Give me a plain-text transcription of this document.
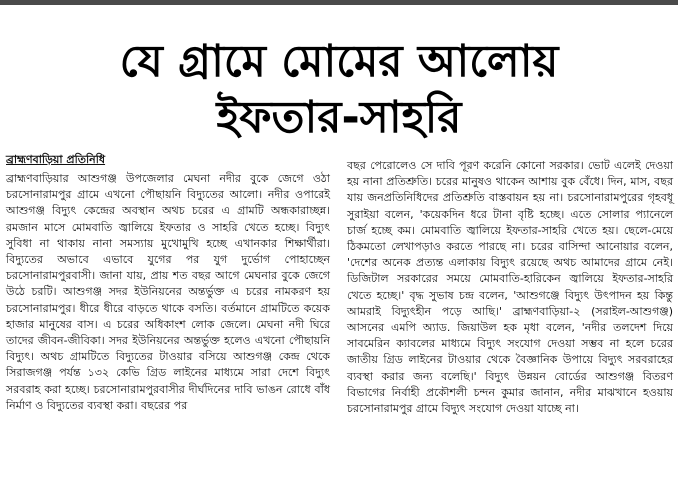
যে গ্রামে মোমের আলোয়
ইফতার-সাহরি
ব্রাহ্মণবাড়িয়া প্রতিনিধি

ব্রাহ্মণবাড়িয়ার আশুগঞ্জ উপজেলার মেঘনা নদীর বুকে জেগে ওঠা চরসোনারামপুর গ্রামে এখনো পৌছায়নি বিদ্যুতের আলো। নদীর ওপারেই আশুগঞ্জ বিদ্যুৎ কেন্দ্রের অবস্থান অথচ চরের এ গ্রামটি অন্ধকারাচ্ছন্ন। রমজান মাসে মোমবাতি জ্বালিয়ে ইফতার ও সাহরি খেতে হচ্ছে। বিদ্যুৎ সুবিধা না থাকায় নানা সমস্যায় মুখোমুখি হচ্ছে এখানকার শিক্ষার্থীরা। বিদ্যুতের অভাবে এভাবে যুগের পর যুগ দুর্ভোগ পোহাচ্ছেন চরসোনারামপুরবাসী। জানা যায়, প্রায় শত বছর আগে মেঘনার বুকে জেগে উঠে চরটি। আশুগঞ্জ সদর ইউনিয়নের অন্তর্ভুক্ত এ চরের নামকরণ হয় চরসোনারামপুর। ধীরে ধীরে বাড়তে থাকে বসতি। বর্তমানে গ্রামটিতে কয়েক হাজার মানুষের বাস। এ চরের অধিকাংশ লোক জেলে। মেঘনা নদী ঘিরে তাদের জীবন-জীবিকা। সদর ইউনিয়নের অন্তর্ভুক্ত হলেও এখনো পৌছায়নি বিদ্যুৎ। অথচ গ্রামটিতে বিদ্যুতের টাওয়ার বসিয়ে আশুগঞ্জ কেন্দ্র থেকে সিরাজগঞ্জ পর্যন্ত ১৩২ কেভি গ্রিড লাইনের মাধ্যমে সারা দেশে বিদ্যুৎ সরবরাহ করা হচ্ছে। চরসোনারামপুরবাসীর দীর্ঘদিনের দাবি ভাঙন রোধে বাঁধ নির্মাণ ও বিদ্যুতের ব্যবস্থা করা। বছরের পর

বছর পেরোলেও সে দাবি পূরণ করেনি কোনো সরকার। ভোট এলেই দেওয়া হয় নানা প্রতিশ্রুতি। চরের মানুষও থাকেন আশায় বুক বেঁধে। দিন, মাস, বছর যায় জনপ্রতিনিধিদের প্রতিশ্রুতি বাস্তবায়ন হয় না। চরসোনারামপুরের গৃহবধূ সুরাইয়া বলেন, 'কয়েকদিন ধরে টানা বৃষ্টি হচ্ছে। এতে সোলার প্যানেলে চার্জ হচ্ছে কম। মোমবাতি জ্বালিয়ে ইফতার-সাহরি খেতে হয়। ছেলে-মেয়ে ঠিকমতো লেখাপড়াও করতে পারছে না। চরের বাসিন্দা আনোয়ার বলেন, 'দেশের অনেক প্রত্যন্ত এলাকায় বিদ্যুৎ রয়েছে অথচ আমাদের গ্রামে নেই। ডিজিটাল সরকারের সময়ে মোমবাতি-হারিকেন জ্বালিয়ে ইফতার-সাহরি খেতে হচ্ছে।' বৃদ্ধ সুভাষ চন্দ্র বলেন, 'আশুগঞ্জে বিদ্যুৎ উৎপাদন হয় কিন্তু আমরাই বিদ্যুৎহীন পড়ে আছি।' ব্রাহ্মণবাড়িয়া-২ (সরাইল-আশুগঞ্জ) আসনের এমপি অ্যাড. জিয়াউল হক মৃধা বলেন, 'নদীর তলদেশ দিয়ে সাবমেরিন ক্যাবলের মাধ্যমে বিদ্যুৎ সংযোগ দেওয়া সম্ভব না হলে চরের জাতীয় গ্রিড লাইনের টাওয়ার থেকে বৈজ্ঞানিক উপায়ে বিদ্যুৎ সরবরাহের ব্যবস্থা করার জন্য বলেছি।' বিদ্যুৎ উন্নয়ন বোর্ডের আশুগঞ্জ বিতরণ বিভাগের নির্বাহী প্রকৌশলী চন্দন কুমার জানান, নদীর মাঝখানে হওয়ায় চরসোনারামপুর গ্রামে বিদ্যুৎ সংযোগ দেওয়া যাচ্ছে না।
